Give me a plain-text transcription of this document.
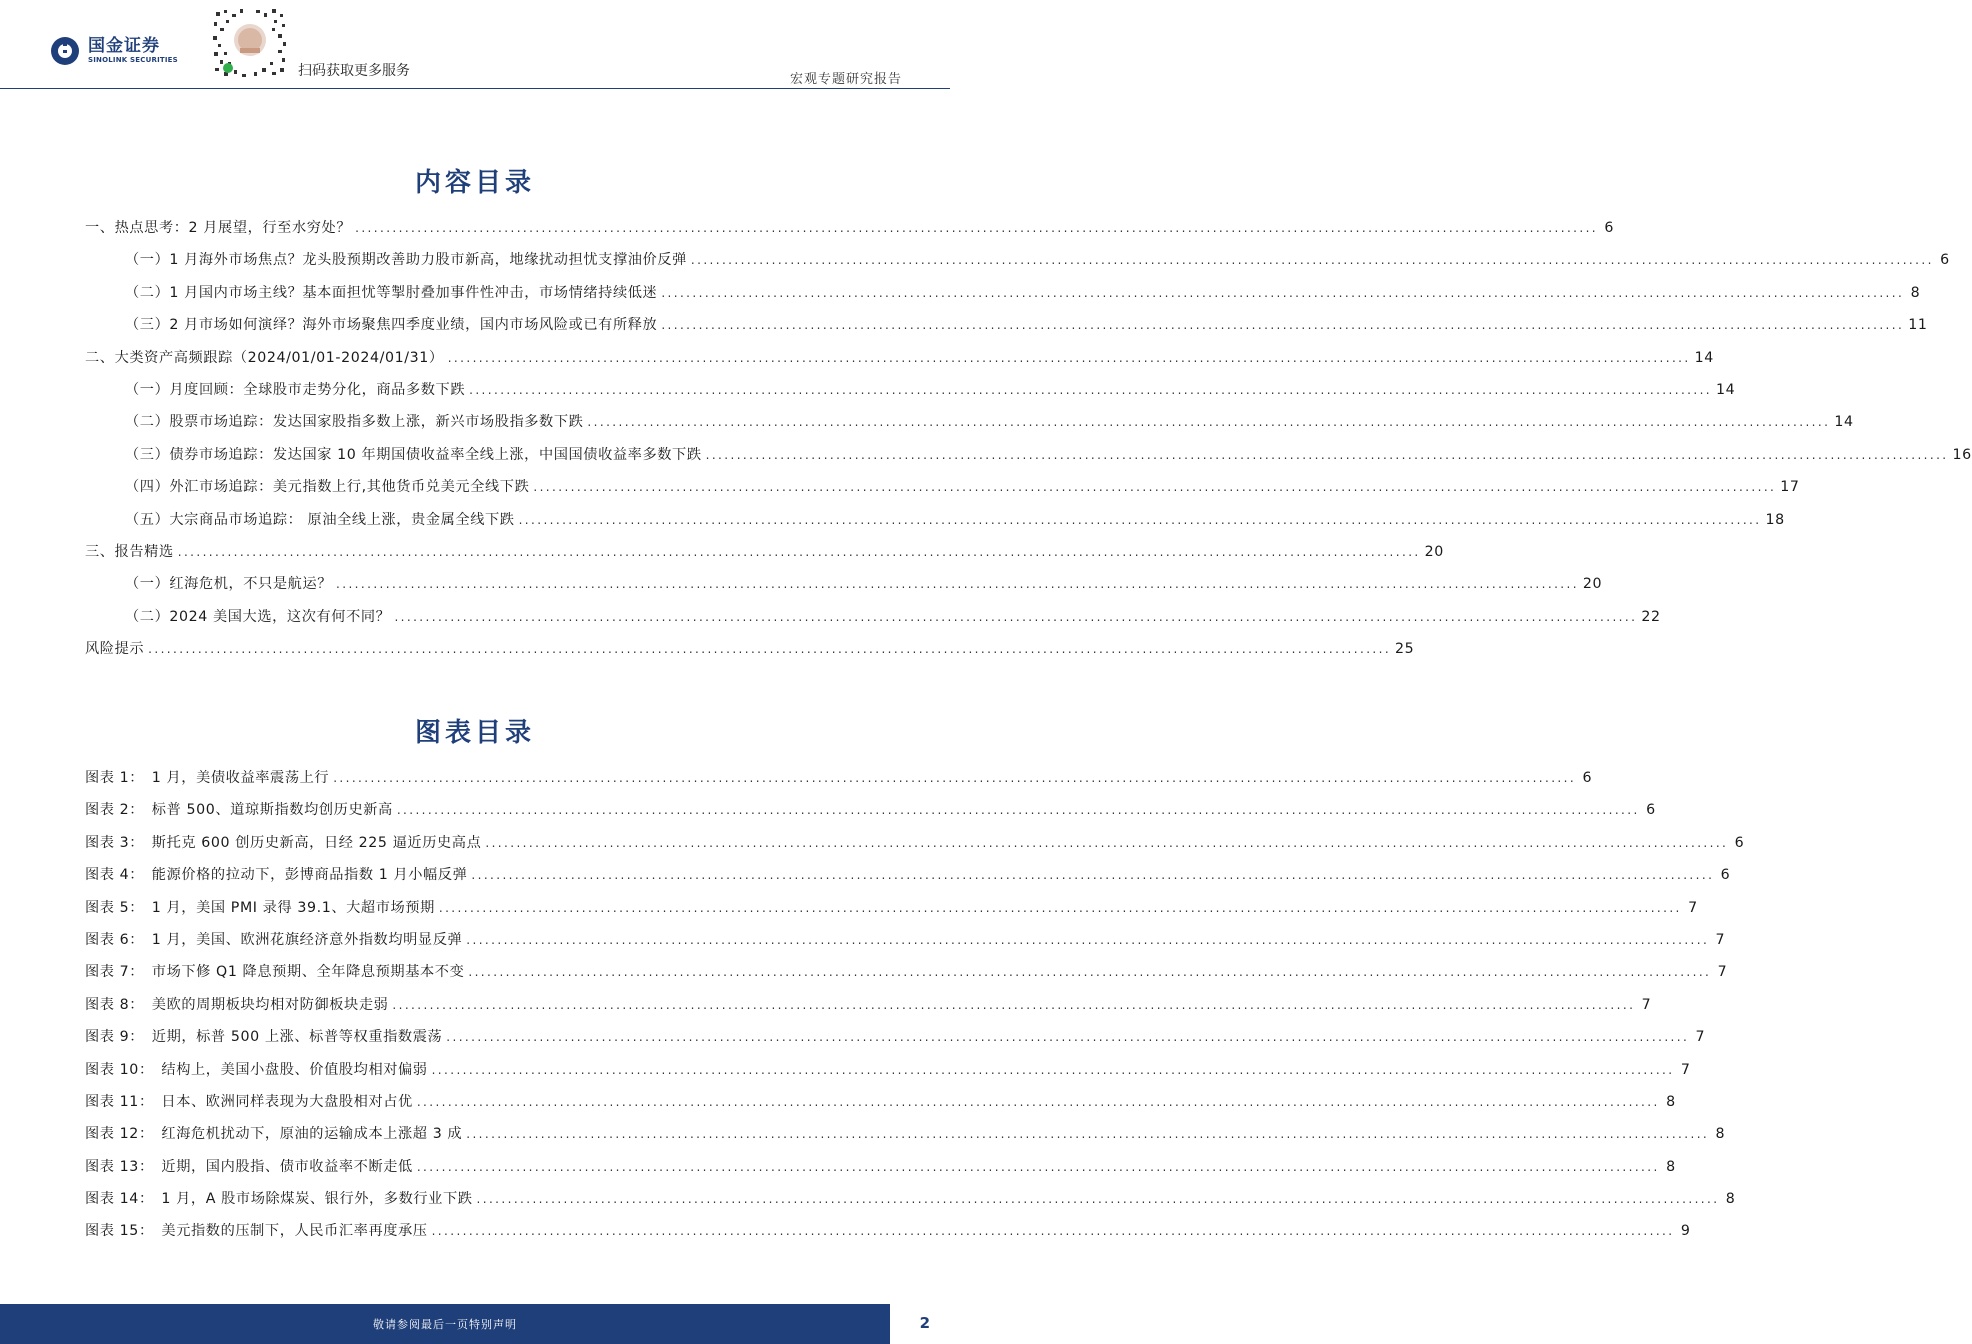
国金证券
SINOLINK SECURITIES
扫码获取更多服务
宏观专题研究报告
内容目录
一、热点思考：2 月展望，行至水穷处？ ........................................................................................................................................................................................................ 6
（一）1 月海外市场焦点？龙头股预期改善助力股市新高，地缘扰动担忧支撑油价反弹 ........................................................................................................................................................................................................ 6
（二）1 月国内市场主线？基本面担忧等掣肘叠加事件性冲击，市场情绪持续低迷 ........................................................................................................................................................................................................ 8
（三）2 月市场如何演绎？海外市场聚焦四季度业绩，国内市场风险或已有所释放 ........................................................................................................................................................................................................ 11
二、大类资产高频跟踪（2024/01/01-2024/01/31） ........................................................................................................................................................................................................ 14
（一）月度回顾：全球股市走势分化，商品多数下跌 ........................................................................................................................................................................................................ 14
（二）股票市场追踪：发达国家股指多数上涨，新兴市场股指多数下跌 ........................................................................................................................................................................................................ 14
（三）债券市场追踪：发达国家 10 年期国债收益率全线上涨，中国国债收益率多数下跌 ........................................................................................................................................................................................................ 16
（四）外汇市场追踪：美元指数上行,其他货币兑美元全线下跌 ........................................................................................................................................................................................................ 17
（五）大宗商品市场追踪： 原油全线上涨，贵金属全线下跌 ........................................................................................................................................................................................................ 18
三、报告精选 ........................................................................................................................................................................................................ 20
（一）红海危机，不只是航运？ ........................................................................................................................................................................................................ 20
（二）2024 美国大选，这次有何不同？ ........................................................................................................................................................................................................ 22
风险提示 ........................................................................................................................................................................................................ 25
图表目录
图表 1：　1 月，美债收益率震荡上行 ........................................................................................................................................................................................................ 6
图表 2：　标普 500、道琼斯指数均创历史新高 ........................................................................................................................................................................................................ 6
图表 3：　斯托克 600 创历史新高，日经 225 逼近历史高点 ........................................................................................................................................................................................................ 6
图表 4：　能源价格的拉动下，彭博商品指数 1 月小幅反弹 ........................................................................................................................................................................................................ 6
图表 5：　1 月，美国 PMI 录得 39.1、大超市场预期 ........................................................................................................................................................................................................ 7
图表 6：　1 月，美国、欧洲花旗经济意外指数均明显反弹 ........................................................................................................................................................................................................ 7
图表 7：　市场下修 Q1 降息预期、全年降息预期基本不变 ........................................................................................................................................................................................................ 7
图表 8：　美欧的周期板块均相对防御板块走弱 ........................................................................................................................................................................................................ 7
图表 9：　近期，标普 500 上涨、标普等权重指数震荡 ........................................................................................................................................................................................................ 7
图表 10：　结构上，美国小盘股、价值股均相对偏弱 ........................................................................................................................................................................................................ 7
图表 11：　日本、欧洲同样表现为大盘股相对占优 ........................................................................................................................................................................................................ 8
图表 12：　红海危机扰动下，原油的运输成本上涨超 3 成 ........................................................................................................................................................................................................ 8
图表 13：　近期，国内股指、债市收益率不断走低 ........................................................................................................................................................................................................ 8
图表 14：　1 月，A 股市场除煤炭、银行外，多数行业下跌 ........................................................................................................................................................................................................ 8
图表 15：　美元指数的压制下，人民币汇率再度承压 ........................................................................................................................................................................................................ 9
敬请参阅最后一页特别声明	2
